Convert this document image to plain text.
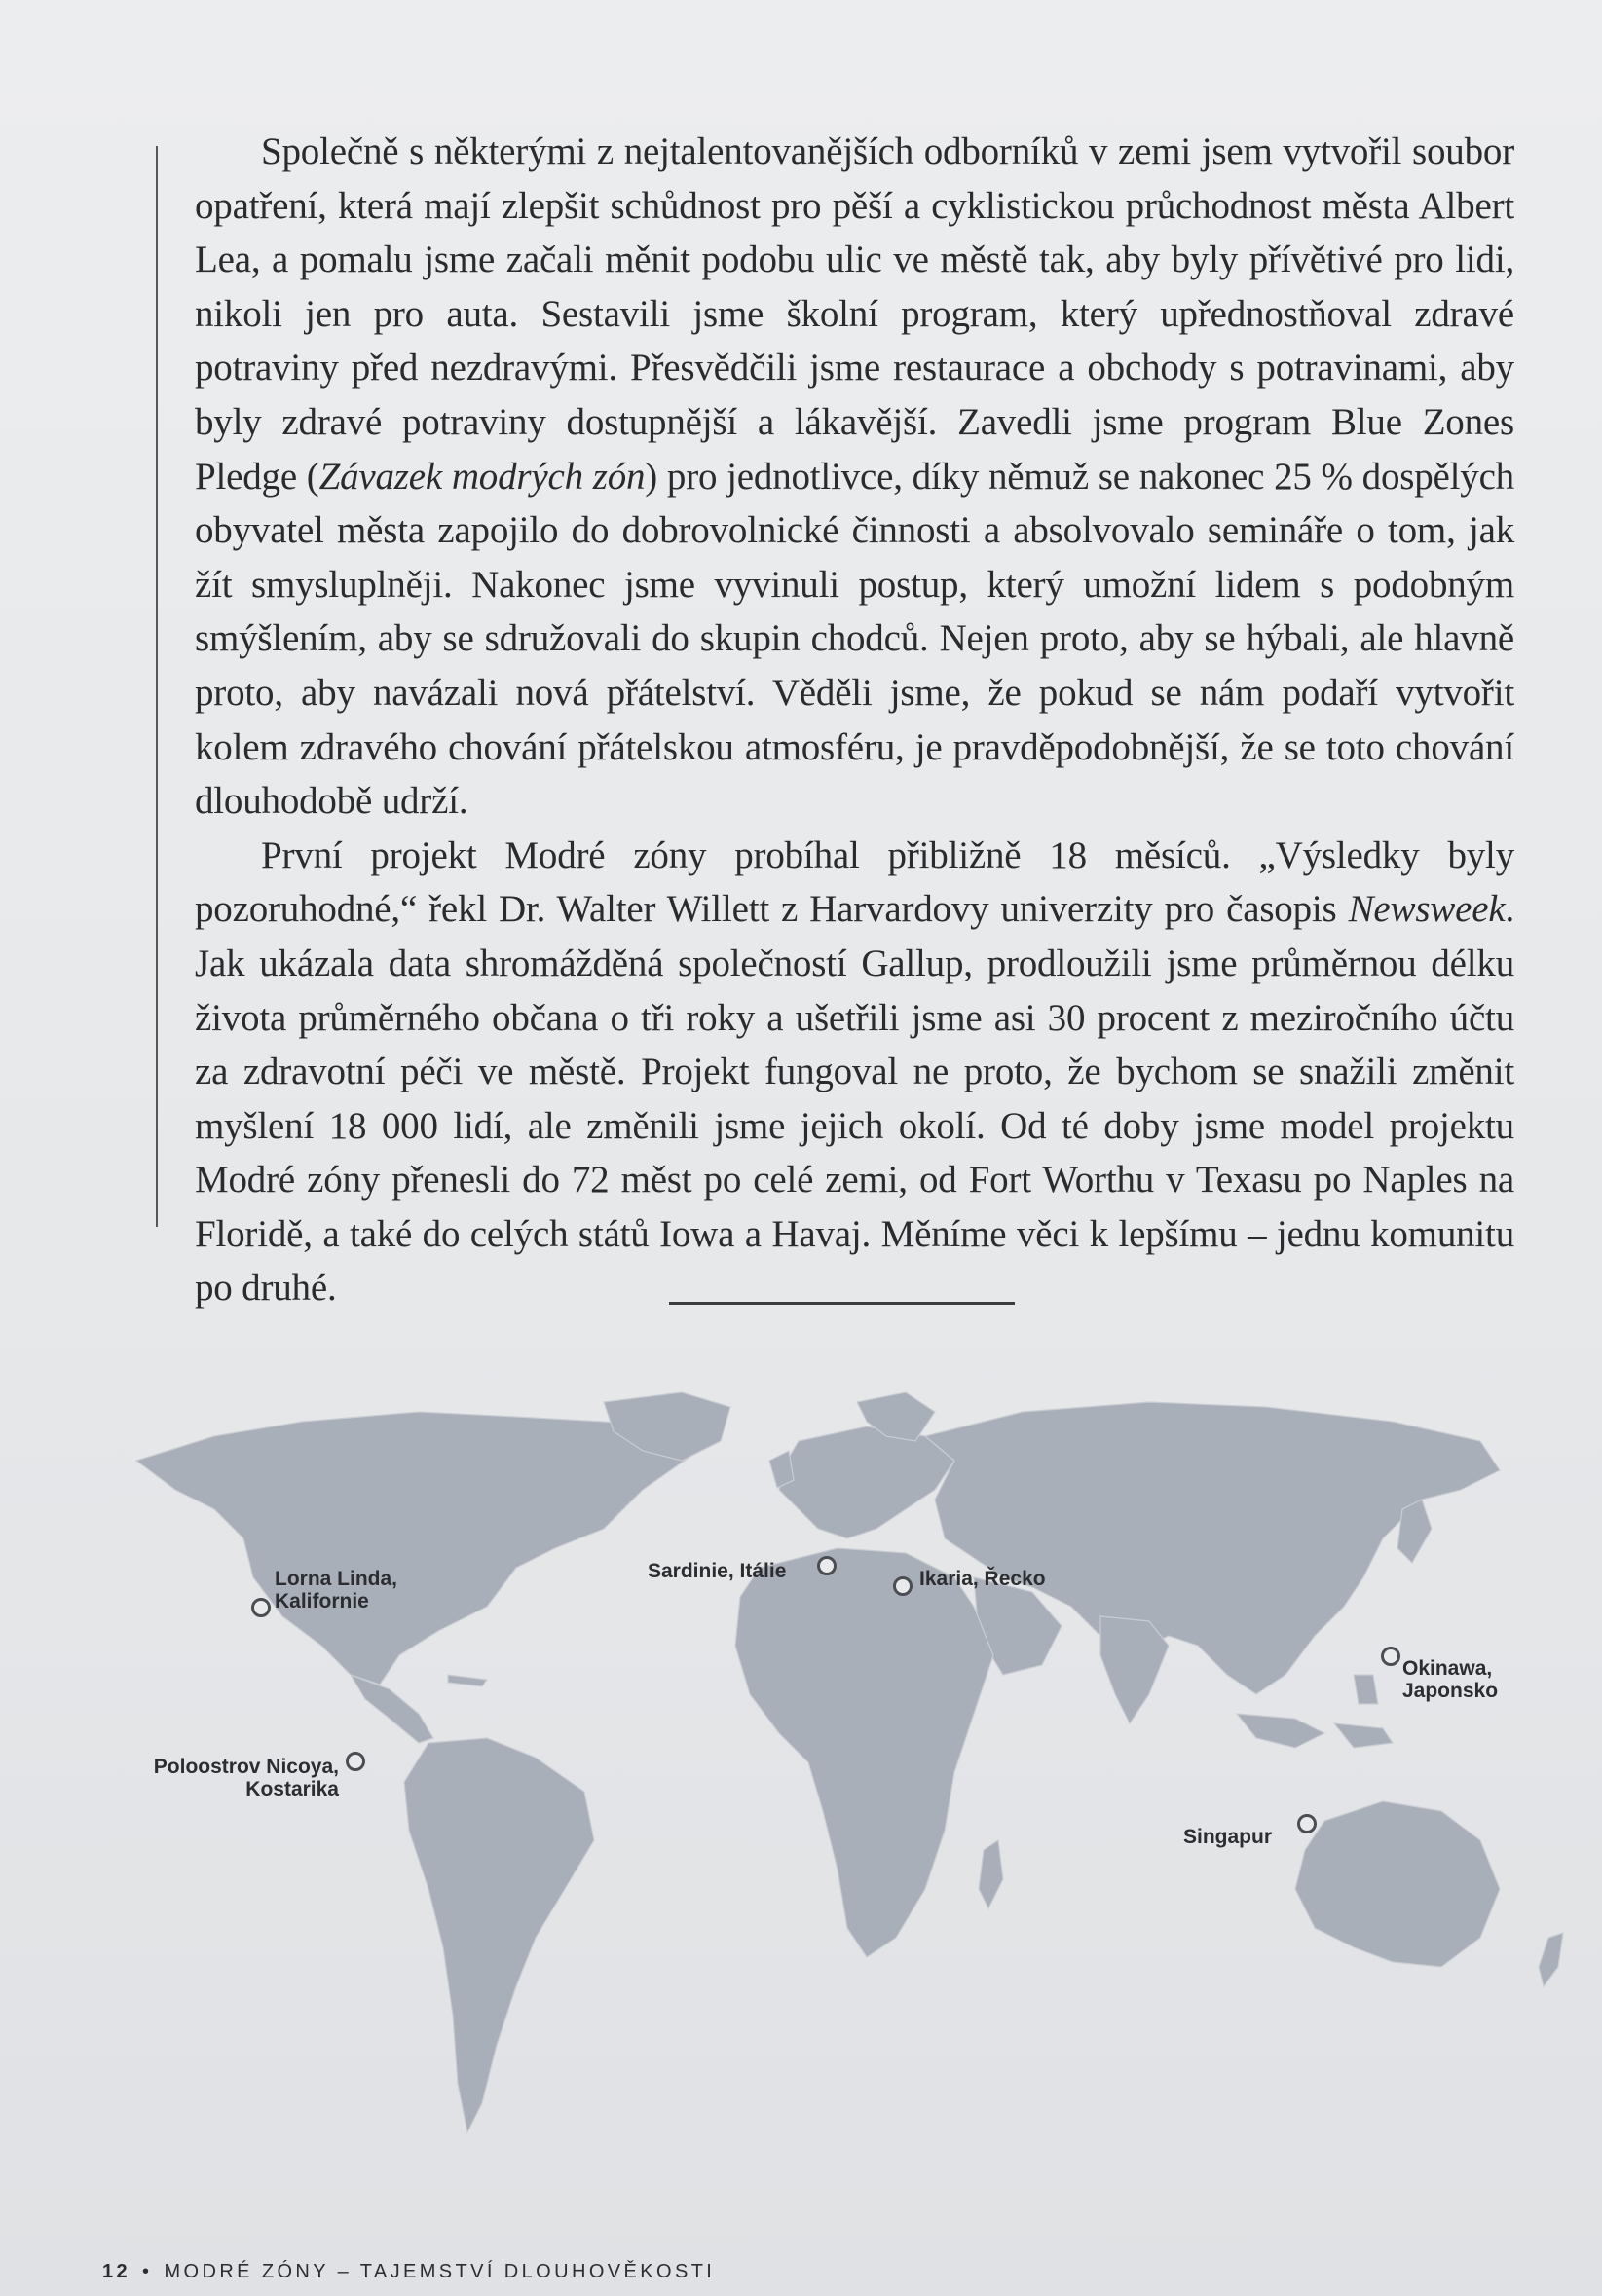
Společně s některými z nejtalentovanějších odborníků v zemi jsem vytvořil soubor opatření, která mají zlepšit schůdnost pro pěší a cyklistickou průchodnost města Albert Lea, a pomalu jsme začali měnit podobu ulic ve městě tak, aby byly přívětivé pro lidi, nikoli jen pro auta. Sestavili jsme školní program, který upřednostňoval zdravé potraviny před nezdravými. Přesvědčili jsme restaurace a obchody s potravinami, aby byly zdravé potraviny dostupnější a lákavější. Zavedli jsme program Blue Zones Pledge (Závazek modrých zón) pro jednotlivce, díky němuž se nakonec 25 % dospělých obyvatel města zapojilo do dobrovolnické činnosti a absolvovalo semináře o tom, jak žít smysluplněji. Nakonec jsme vyvinuli postup, který umožní lidem s podobným smýšlením, aby se sdružovali do skupin chodců. Nejen proto, aby se hýbali, ale hlavně proto, aby navázali nová přátelství. Věděli jsme, že pokud se nám podaří vytvořit kolem zdravého chování přátelskou atmosféru, je pravděpodobnější, že se toto chování dlouhodobě udrží.

První projekt Modré zóny probíhal přibližně 18 měsíců. „Výsledky byly pozoruhodné,“ řekl Dr. Walter Willett z Harvardovy univerzity pro časopis Newsweek. Jak ukázala data shromážděná společností Gallup, prodloužili jsme průměrnou délku života průměrného občana o tři roky a ušetřili jsme asi 30 procent z meziročního účtu za zdravotní péči ve městě. Projekt fungoval ne proto, že bychom se snažili změnit myšlení 18 000 lidí, ale změnili jsme jejich okolí. Od té doby jsme model projektu Modré zóny přenesli do 72 měst po celé zemi, od Fort Worthu v Texasu po Naples na Floridě, a také do celých států Iowa a Havaj. Měníme věci k lepšímu – jednu komunitu po druhé.

Lorna Linda,
Kalifornie
Poloostrov Nicoya,
Kostarika
Sardinie, Itálie	Ikaria, Řecko
Okinawa,
Japonsko
Singapur
12 • MODRÉ ZÓNY – TAJEMSTVÍ DLOUHOVĚKOSTI
